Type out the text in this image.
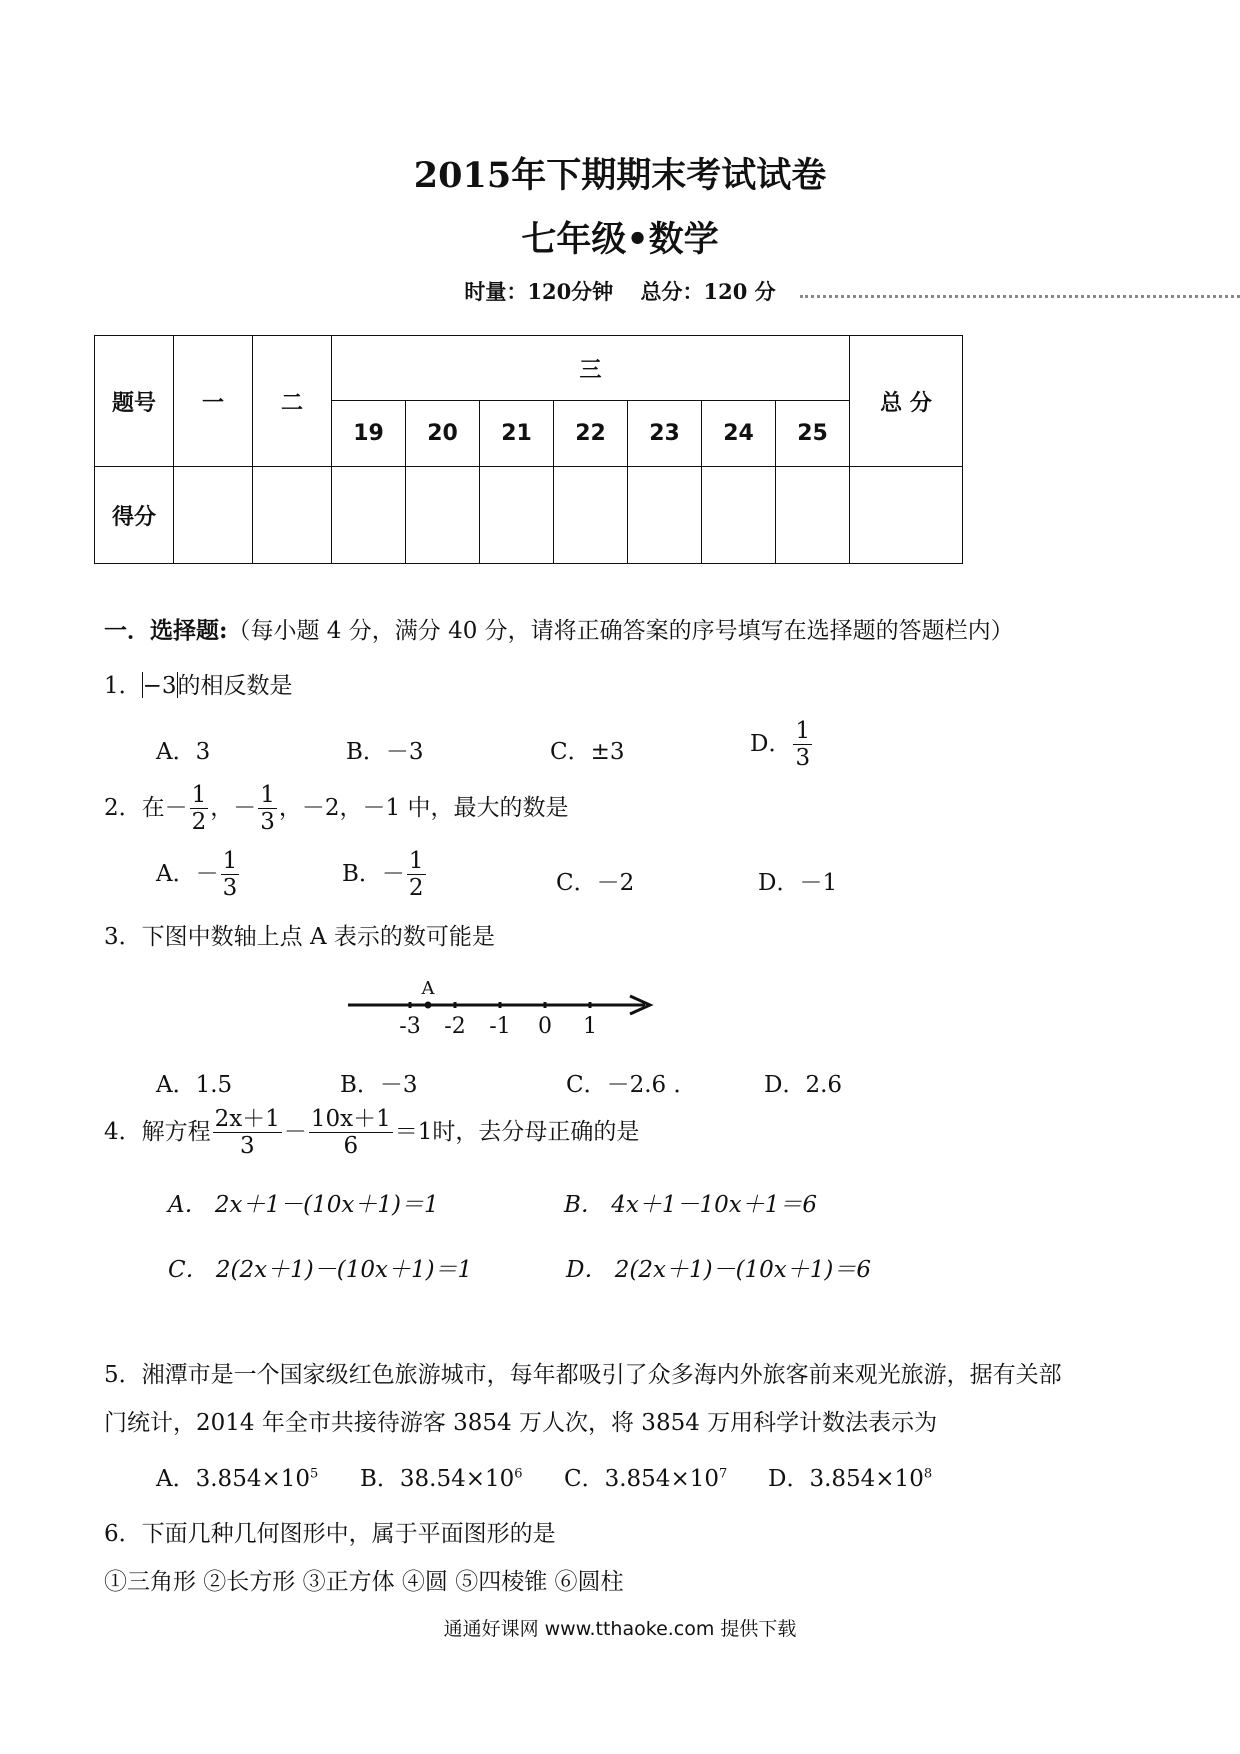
2015年下期期末考试试卷
七年级•数学
时量：120分钟 总分：120 分
题号	一	二	三							总 分
			19	20	21	22	23	24	25	
得分										
一．选择题:（每小题 4 分，满分 40 分，请将正确答案的序号填写在选择题的答题栏内）
1．−3的相反数是
A．3	B．－3	C．±3	D． $\frac{1}{3}$
2．在－ $\frac{1}{2}$ ，－ $\frac{1}{3}$ ，－2，－1 中，最大的数是
A．－ $\frac{1}{3}$	B．－ $\frac{1}{2}$	C．－2	D．－1
3．下图中数轴上点 A 表示的数可能是
-3 -2 -1 0 1
A
A．1.5	B．－3	C．－2.6 ．	D．2.6
4．解方程 $\frac{2x+1}{3} - \frac{10x+1}{6} =1$时，去分母正确的是
A． 2x＋1－(10x＋1)＝1	B． 4x＋1－10x＋1＝6
C． 2(2x＋1)－(10x＋1)＝1	D． 2(2x＋1)－(10x＋1)＝6
5．湘潭市是一个国家级红色旅游城市，每年都吸引了众多海内外旅客前来观光旅游，据有关部
门统计，2014 年全市共接待游客 3854 万人次，将 3854 万用科学计数法表示为
A．$3.854\times 10^5$ B．$38.54\times 10^6$ C．$3.854\times 10^7$ D．$3.854\times 10^8$
6．下面几种几何图形中，属于平面图形的是
①三角形 ②长方形 ③正方体 ④圆 ⑤四棱锥 ⑥圆柱
通通好课网 www.tthaoke.com 提供下载
